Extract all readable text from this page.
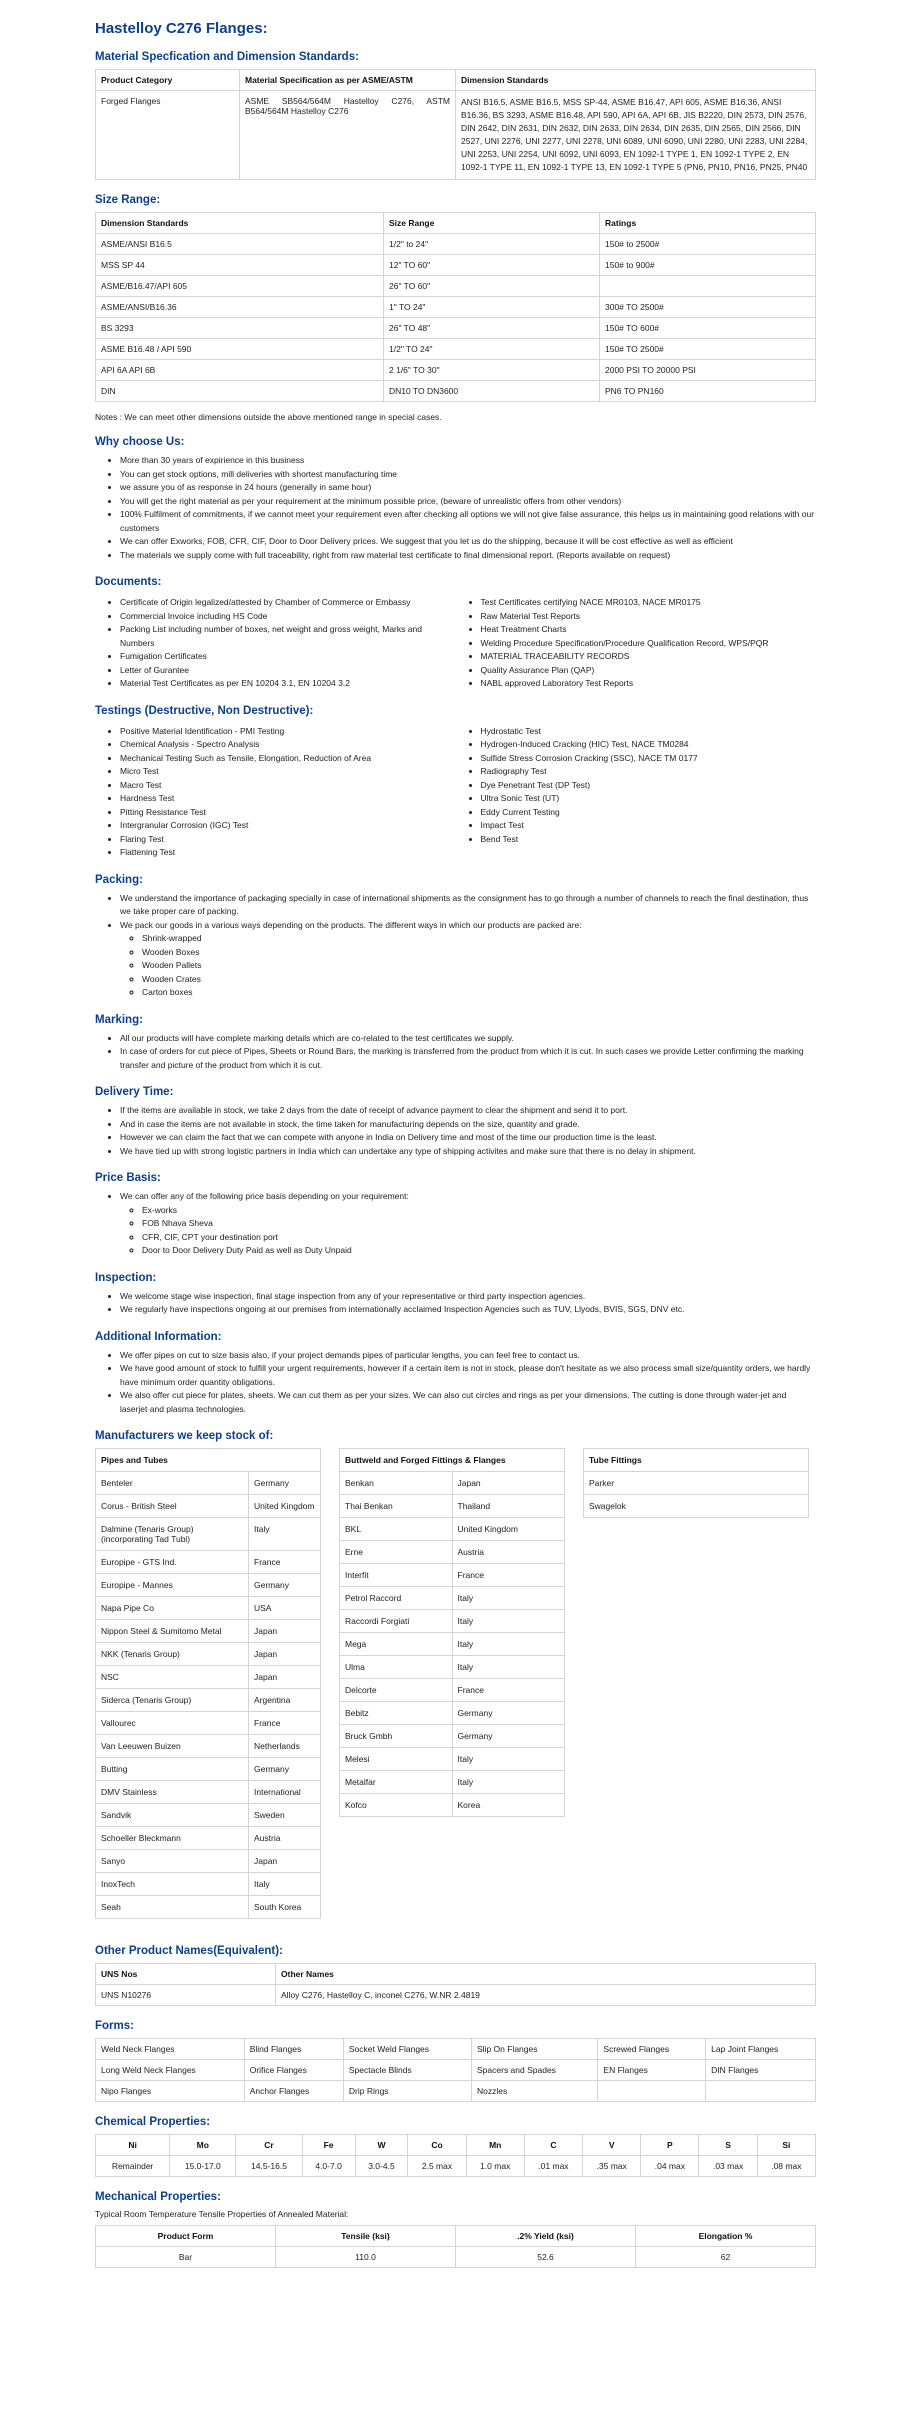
Hastelloy C276 Flanges:
Material Specfication and Dimension Standards:
Product Category	Material Specification as per ASME/ASTM	Dimension Standards
Forged Flanges	ASME SB564/564M Hastelloy C276, ASTM B564/564M Hastelloy C276	ANSI B16.5, ASME B16.5, MSS SP-44, ASME B16.47, API 605, ASME B16.36, ANSI B16.36, BS 3293, ASME B16.48, API 590, API 6A, API 6B, JIS B2220, DIN 2573, DIN 2576, DIN 2642, DIN 2631, DIN 2632, DIN 2633, DIN 2634, DIN 2635, DIN 2565, DIN 2566, DIN 2527, UNI 2276, UNI 2277, UNI 2278, UNI 6089, UNI 6090, UNI 2280, UNI 2283, UNI 2284, UNI 2253, UNI 2254, UNI 6092, UNI 6093, EN 1092-1 TYPE 1, EN 1092-1 TYPE 2, EN 1092-1 TYPE 11, EN 1092-1 TYPE 13, EN 1092-1 TYPE 5 (PN6, PN10, PN16, PN25, PN40
Size Range:
Dimension Standards	Size Range	Ratings
ASME/ANSI B16.5	1/2" to 24"	150# to 2500#
MSS SP 44	12" TO 60"	150# to 900#
ASME/B16.47/API 605	26" TO 60"	
ASME/ANSI/B16.36	1" TO 24"	300# TO 2500#
BS 3293	26" TO 48"	150# TO 600#
ASME B16.48 / API 590	1/2" TO 24"	150# TO 2500#
API 6A API 6B	2 1/6" TO 30"	2000 PSI TO 20000 PSI
DIN	DN10 TO DN3600	PN6 TO PN160

Notes : We can meet other dimensions outside the above mentioned range in special cases.

Why choose Us:
• More than 30 years of expirience in this business
• You can get stock options, mill deliveries with shortest manufacturing time
• we assure you of as response in 24 hours (generally in same hour)
• You will get the right material as per your requirement at the minimum possible price, (beware of unrealistic offers from other vendors)
• 100% Fulfilment of commitments, if we cannot meet your requirement even after checking all options we will not give false assurance, this helps us in maintaining good relations with our customers
• We can offer Exworks, FOB, CFR, CIF, Door to Door Delivery prices. We suggest that you let us do the shipping, because it will be cost effective as well as efficient
• The materials we supply come with full traceability, right from raw material test certificate to final dimensional report. (Reports available on request)
Documents:
• Certificate of Origin legalized/attested by Chamber of Commerce or Embassy
• Commercial Invoice including HS Code
• Packing List including number of boxes, net weight and gross weight, Marks and Numbers
• Fumigation Certificates
• Letter of Gurantee
• Material Test Certificates as per EN 10204 3.1, EN 10204 3.2
• Test Certificates certifying NACE MR0103, NACE MR0175
• Raw Material Test Reports
• Heat Treatment Charts
• Welding Procedure Specification/Procedure Qualification Record, WPS/PQR
• MATERIAL TRACEABILITY RECORDS
• Quality Assurance Plan (QAP)
• NABL approved Laboratory Test Reports
Testings (Destructive, Non Destructive):
• Positive Material Identification - PMI Testing
• Chemical Analysis - Spectro Analysis
• Mechanical Testing Such as Tensile, Elongation, Reduction of Area
• Micro Test
• Macro Test
• Hardness Test
• Pitting Resistance Test
• Intergranular Corrosion (IGC) Test
• Flaring Test
• Flattening Test
• Hydrostatic Test
• Hydrogen-Induced Cracking (HIC) Test, NACE TM0284
• Sulfide Stress Corrosion Cracking (SSC), NACE TM 0177
• Radiography Test
• Dye Penetrant Test (DP Test)
• Ultra Sonic Test (UT)
• Eddy Current Testing
• Impact Test
• Bend Test
Packing:
• We understand the importance of packaging specially in case of international shipments as the consignment has to go through a number of channels to reach the final destination, thus we take proper care of packing.
• We pack our goods in a various ways depending on the products. The different ways in which our products are packed are:
◦ Shrink-wrapped
◦ Wooden Boxes
◦ Wooden Pallets
◦ Wooden Crates
◦ Carton boxes
Marking:
• All our products will have complete marking details which are co-related to the test certificates we supply.
• In case of orders for cut piece of Pipes, Sheets or Round Bars, the marking is transferred from the product from which it is cut. In such cases we provide Letter confirming the marking transfer and picture of the product from which it is cut.
Delivery Time:
• If the items are available in stock, we take 2 days from the date of receipt of advance payment to clear the shipment and send it to port.
• And in case the items are not available in stock, the time taken for manufacturing depends on the size, quantity and grade.
• However we can claim the fact that we can compete with anyone in India on Delivery time and most of the time our production time is the least.
• We have tied up with strong logistic partners in India which can undertake any type of shipping activites and make sure that there is no delay in shipment.
Price Basis:
• We can offer any of the following price basis depending on your requirement:
◦ Ex-works
◦ FOB Nhava Sheva
◦ CFR, CIF, CPT your destination port
◦ Door to Door Delivery Duty Paid as well as Duty Unpaid
Inspection:
• We welcome stage wise inspection, final stage inspection from any of your representative or third party inspection agencies.
• We regularly have inspections ongoing at our premises from internationally acclaimed Inspection Agencies such as TUV, Llyods, BVIS, SGS, DNV etc.
Additional Information:
• We offer pipes on cut to size basis also, if your project demands pipes of particular lengths, you can feel free to contact us.
• We have good amount of stock to fulfill your urgent requirements, however if a certain item is not in stock, please don't hesitate as we also process small size/quantity orders, we hardly have minimum order quantity obligations.
• We also offer cut piece for plates, sheets. We can cut them as per your sizes. We can also cut circles and rings as per your dimensions. The cutting is done through water-jet and laserjet and plasma technologies.
Manufacturers we keep stock of:
Pipes and Tubes	
Benteler	Germany
Corus - British Steel	United Kingdom
Dalmine (Tenaris Group) (incorporating Tad Tubi)	Italy
Europipe - GTS Ind.	France
Europipe - Mannes	Germany
Napa Pipe Co	USA
Nippon Steel & Sumitomo Metal	Japan
NKK (Tenaris Group)	Japan
NSC	Japan
Siderca (Tenaris Group)	Argentina
Vallourec	France
Van Leeuwen Buizen	Netherlands
Butting	Germany
DMV Stainless	International
Sandvik	Sweden
Schoeller Bleckmann	Austria
Sanyo	Japan
InoxTech	Italy
Seah	South Korea
Buttweld and Forged Fittings & Flanges	
Benkan	Japan
Thai Benkan	Thailand
BKL	United Kingdom
Erne	Austria
Interfit	France
Petrol Raccord	Italy
Raccordi Forgiati	Italy
Mega	Italy
Ulma	Italy
Delcorte	France
Bebitz	Germany
Bruck Gmbh	Germany
Melesi	Italy
Metalfar	Italy
Kofco	Korea
Tube Fittings
Parker
Swagelok
Other Product Names(Equivalent):
UNS Nos	Other Names
UNS N10276	Alloy C276, Hastelloy C, inconel C276, W.NR 2.4819
Forms:
Weld Neck Flanges	Blind Flanges	Socket Weld Flanges	Slip On Flanges	Screwed Flanges	Lap Joint Flanges
Long Weld Neck Flanges	Orifice Flanges	Spectacle Blinds	Spacers and Spades	EN Flanges	DIN Flanges
Nipo Flanges	Anchor Flanges	Drip Rings	Nozzles		
Chemical Properties:
Ni	Mo	Cr	Fe	W	Co	Mn	C	V	P	S	Si
Remainder	15.0-17.0	14.5-16.5	4.0-7.0	3.0-4.5	2.5 max	1.0 max	.01 max	.35 max	.04 max	.03 max	.08 max
Mechanical Properties:

Typical Room Temperature Tensile Properties of Annealed Material:

Product Form	Tensile (ksi)	.2% Yield (ksi)	Elongation %
Bar	110.0	52.6	62
